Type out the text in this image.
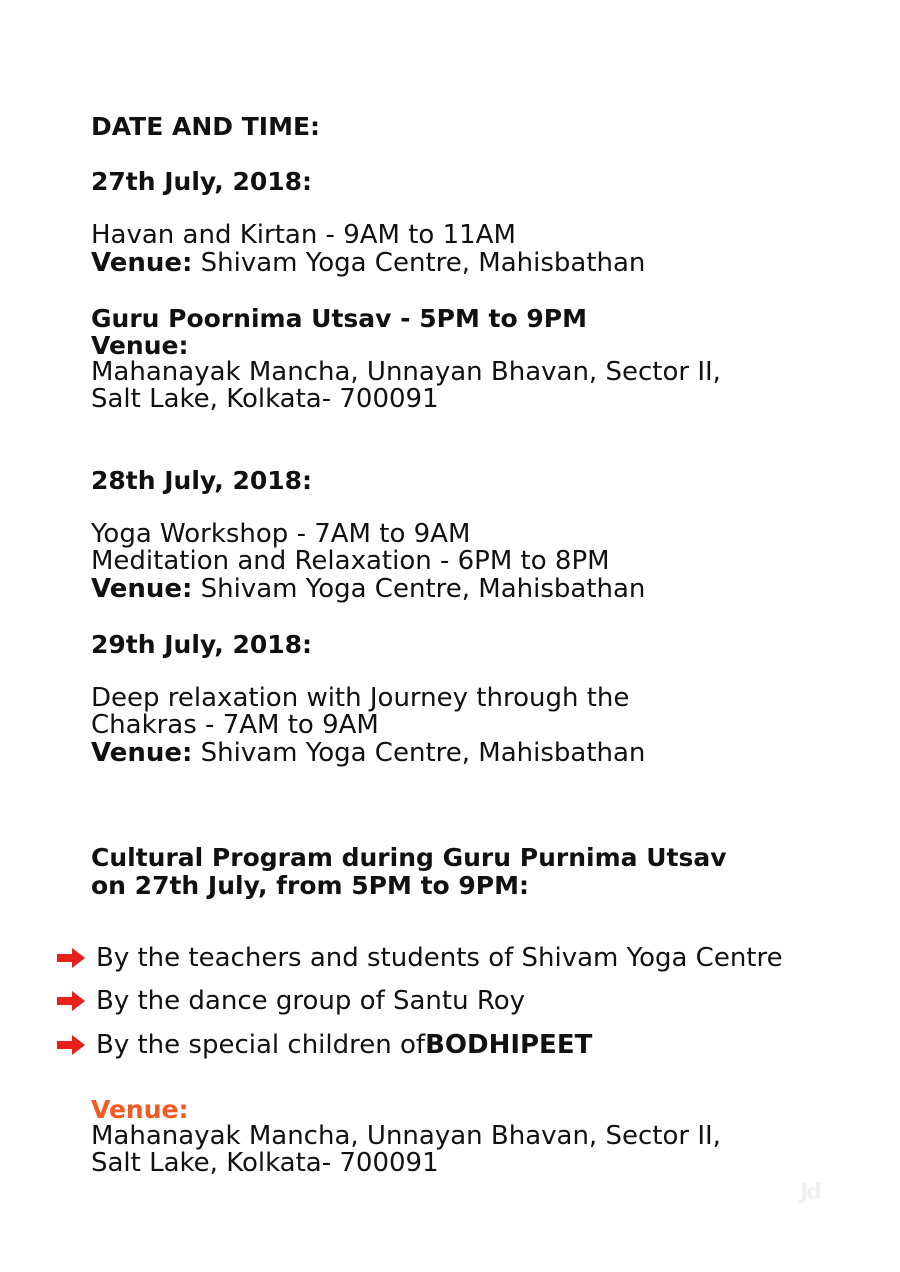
DATE AND TIME:
27th July, 2018:
Havan and Kirtan - 9AM to 11AM
Venue: Shivam Yoga Centre, Mahisbathan
Guru Poornima Utsav - 5PM to 9PM
Venue:
Mahanayak Mancha, Unnayan Bhavan, Sector II,
Salt Lake, Kolkata- 700091
28th July, 2018:
Yoga Workshop - 7AM to 9AM
Meditation and Relaxation - 6PM to 8PM
Venue: Shivam Yoga Centre, Mahisbathan
29th July, 2018:
Deep relaxation with Journey through the
Chakras - 7AM to 9AM
Venue: Shivam Yoga Centre, Mahisbathan
Cultural Program during Guru Purnima Utsav
on 27th July, from 5PM to 9PM:
By the teachers and students of Shivam Yoga Centre
By the dance group of Santu Roy
By the special children of BODHIPEET
Venue:
Mahanayak Mancha, Unnayan Bhavan, Sector II,
Salt Lake, Kolkata- 700091
Jd
